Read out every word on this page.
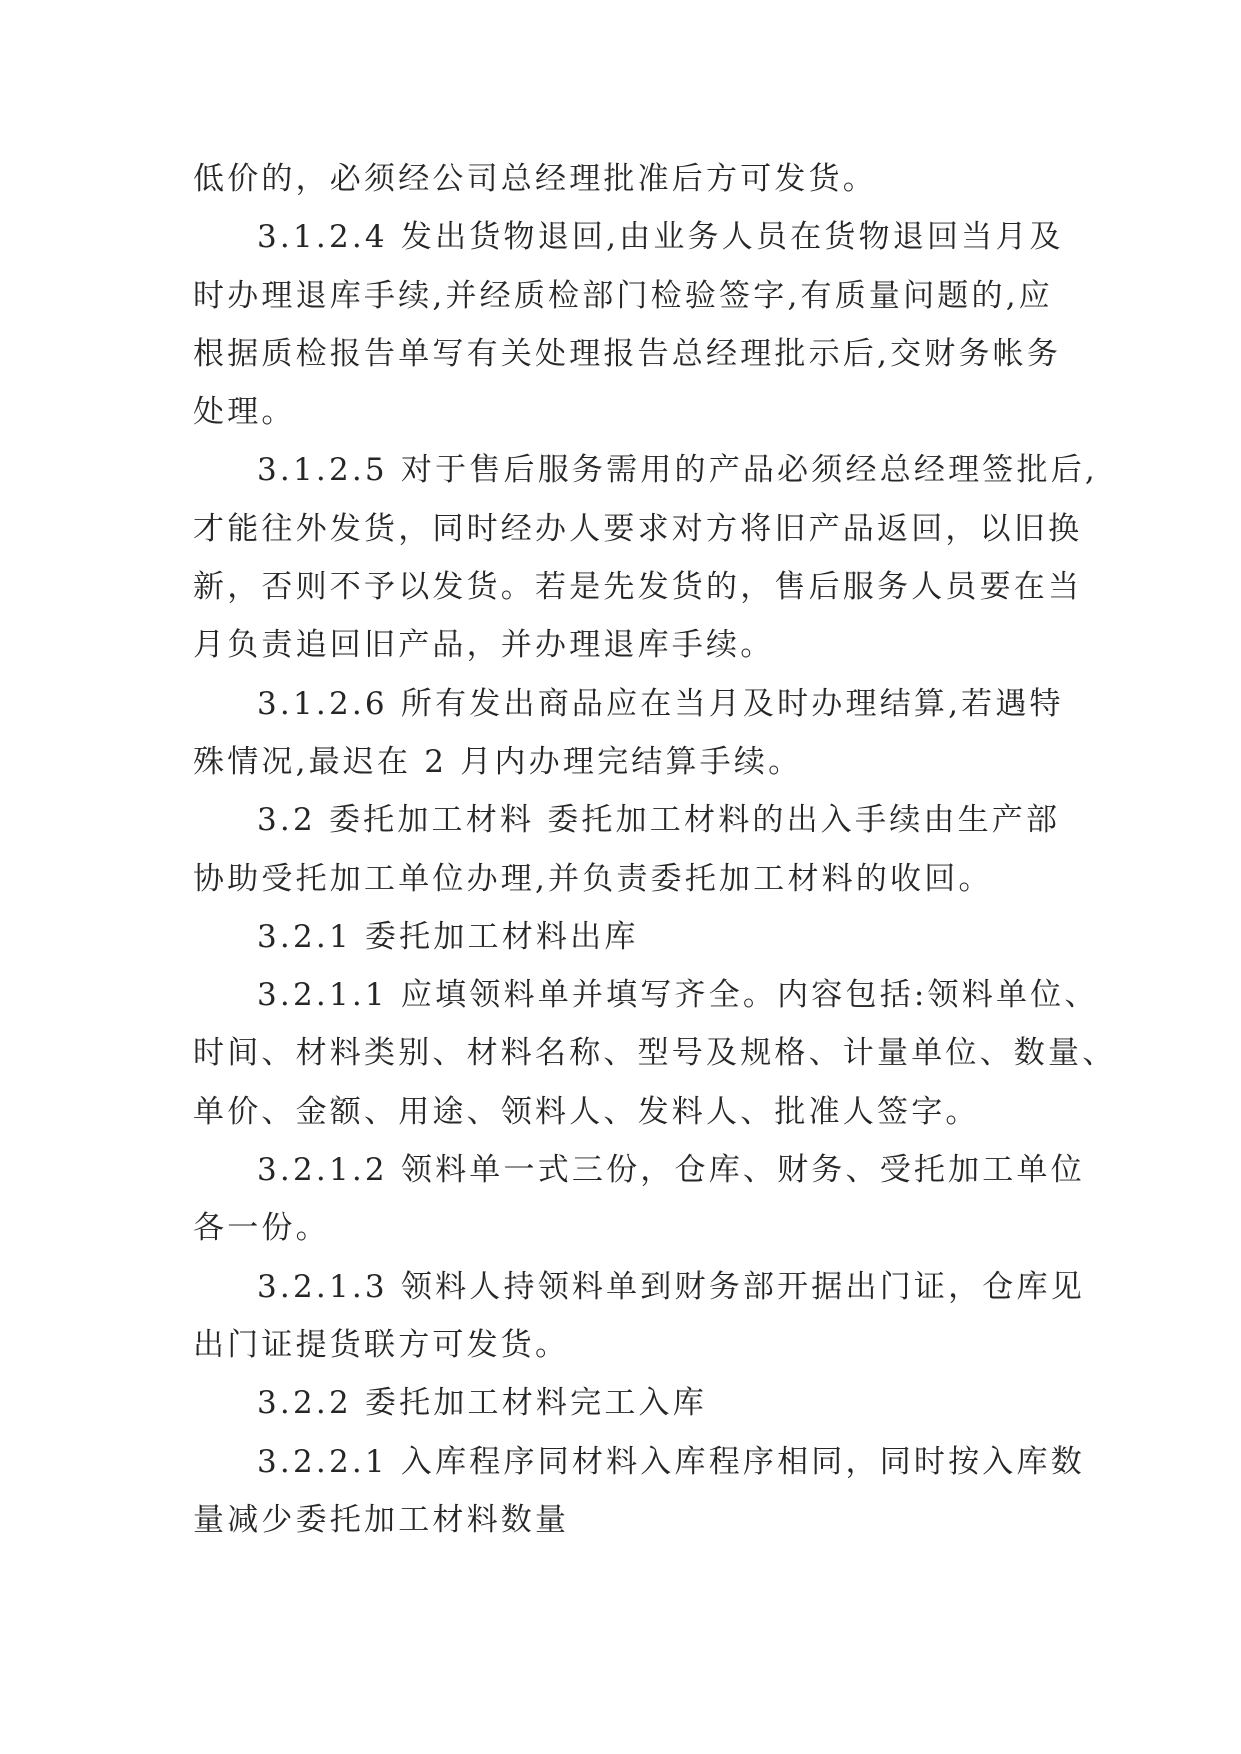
低价的，必须经公司总经理批准后方可发货。
3.1.2.4 发出货物退回,由业务人员在货物退回当月及
时办理退库手续,并经质检部门检验签字,有质量问题的,应
根据质检报告单写有关处理报告总经理批示后,交财务帐务
处理。
3.1.2.5 对于售后服务需用的产品必须经总经理签批后,
才能往外发货，同时经办人要求对方将旧产品返回，以旧换
新，否则不予以发货。若是先发货的，售后服务人员要在当
月负责追回旧产品，并办理退库手续。
3.1.2.6 所有发出商品应在当月及时办理结算,若遇特
殊情况,最迟在 2 月内办理完结算手续。
3.2 委托加工材料 委托加工材料的出入手续由生产部
协助受托加工单位办理,并负责委托加工材料的收回。
3.2.1 委托加工材料出库
3.2.1.1 应填领料单并填写齐全。内容包括:领料单位、
时间、材料类别、材料名称、型号及规格、计量单位、数量、
单价、金额、用途、领料人、发料人、批准人签字。
3.2.1.2 领料单一式三份，仓库、财务、受托加工单位
各一份。
3.2.1.3 领料人持领料单到财务部开据出门证，仓库见
出门证提货联方可发货。
3.2.2 委托加工材料完工入库
3.2.2.1 入库程序同材料入库程序相同，同时按入库数
量减少委托加工材料数量
